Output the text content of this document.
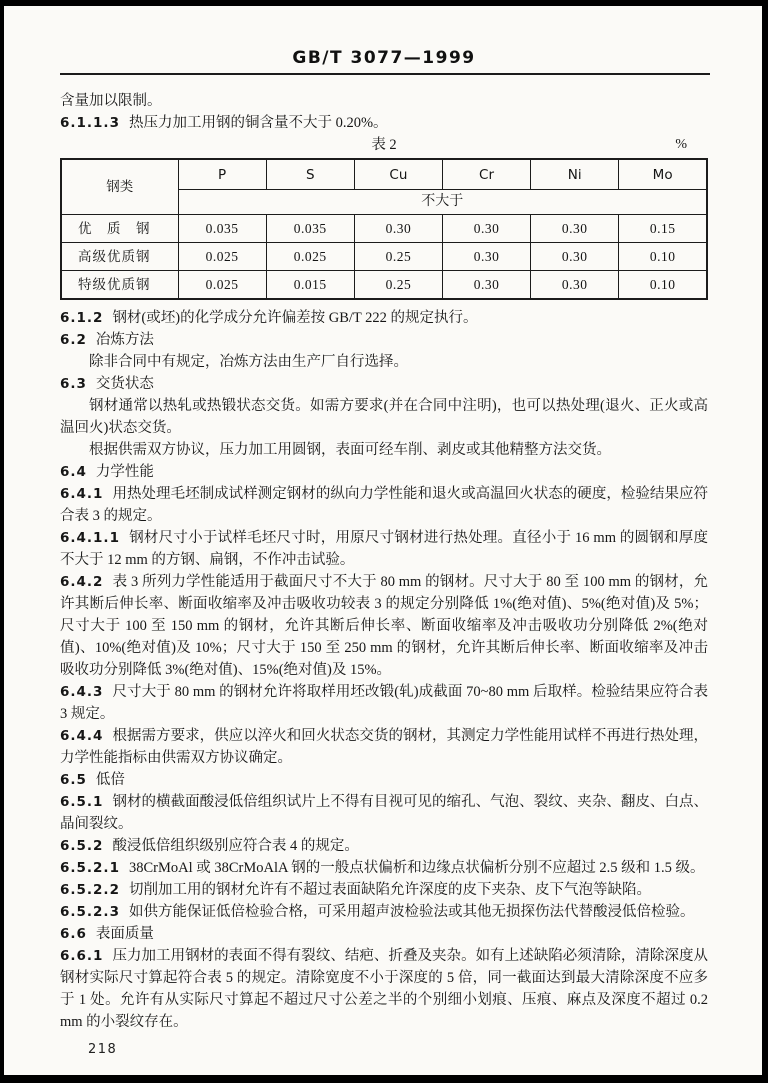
GB/T 3077—1999

含量加以限制。

6.1.1.3 热压力加工用钢的铜含量不大于 0.20%。

表 2	%
钢类	P	S	Cu	Cr	Ni	Mo
	不大于					
优　质　钢	0.035	0.035	0.30	0.30	0.30	0.15
高级优质钢	0.025	0.025	0.25	0.30	0.30	0.10
特级优质钢	0.025	0.015	0.25	0.30	0.30	0.10

6.1.2 钢材(或坯)的化学成分允许偏差按 GB/T 222 的规定执行。

6.2 冶炼方法

除非合同中有规定，冶炼方法由生产厂自行选择。

6.3 交货状态

钢材通常以热轧或热锻状态交货。如需方要求(并在合同中注明)，也可以热处理(退火、正火或高温回火)状态交货。

根据供需双方协议，压力加工用圆钢，表面可经车削、剥皮或其他精整方法交货。

6.4 力学性能

6.4.1 用热处理毛坯制成试样测定钢材的纵向力学性能和退火或高温回火状态的硬度，检验结果应符合表 3 的规定。

6.4.1.1 钢材尺寸小于试样毛坯尺寸时，用原尺寸钢材进行热处理。直径小于 16 mm 的圆钢和厚度不大于 12 mm 的方钢、扁钢，不作冲击试验。

6.4.2 表 3 所列力学性能适用于截面尺寸不大于 80 mm 的钢材。尺寸大于 80 至 100 mm 的钢材，允许其断后伸长率、断面收缩率及冲击吸收功较表 3 的规定分别降低 1%(绝对值)、5%(绝对值)及 5%；尺寸大于 100 至 150 mm 的钢材，允许其断后伸长率、断面收缩率及冲击吸收功分别降低 2%(绝对值)、10%(绝对值)及 10%；尺寸大于 150 至 250 mm 的钢材，允许其断后伸长率、断面收缩率及冲击吸收功分别降低 3%(绝对值)、15%(绝对值)及 15%。

6.4.3 尺寸大于 80 mm 的钢材允许将取样用坯改锻(轧)成截面 70~80 mm 后取样。检验结果应符合表 3 规定。

6.4.4 根据需方要求，供应以淬火和回火状态交货的钢材，其测定力学性能用试样不再进行热处理，力学性能指标由供需双方协议确定。

6.5 低倍

6.5.1 钢材的横截面酸浸低倍组织试片上不得有目视可见的缩孔、气泡、裂纹、夹杂、翻皮、白点、晶间裂纹。

6.5.2 酸浸低倍组织级别应符合表 4 的规定。

6.5.2.1 38CrMoAl 或 38CrMoAlA 钢的一般点状偏析和边缘点状偏析分别不应超过 2.5 级和 1.5 级。

6.5.2.2 切削加工用的钢材允许有不超过表面缺陷允许深度的皮下夹杂、皮下气泡等缺陷。

6.5.2.3 如供方能保证低倍检验合格，可采用超声波检验法或其他无损探伤法代替酸浸低倍检验。

6.6 表面质量

6.6.1 压力加工用钢材的表面不得有裂纹、结疤、折叠及夹杂。如有上述缺陷必须清除，清除深度从钢材实际尺寸算起符合表 5 的规定。清除宽度不小于深度的 5 倍，同一截面达到最大清除深度不应多于 1 处。允许有从实际尺寸算起不超过尺寸公差之半的个别细小划痕、压痕、麻点及深度不超过 0.2 mm 的小裂纹存在。

218
